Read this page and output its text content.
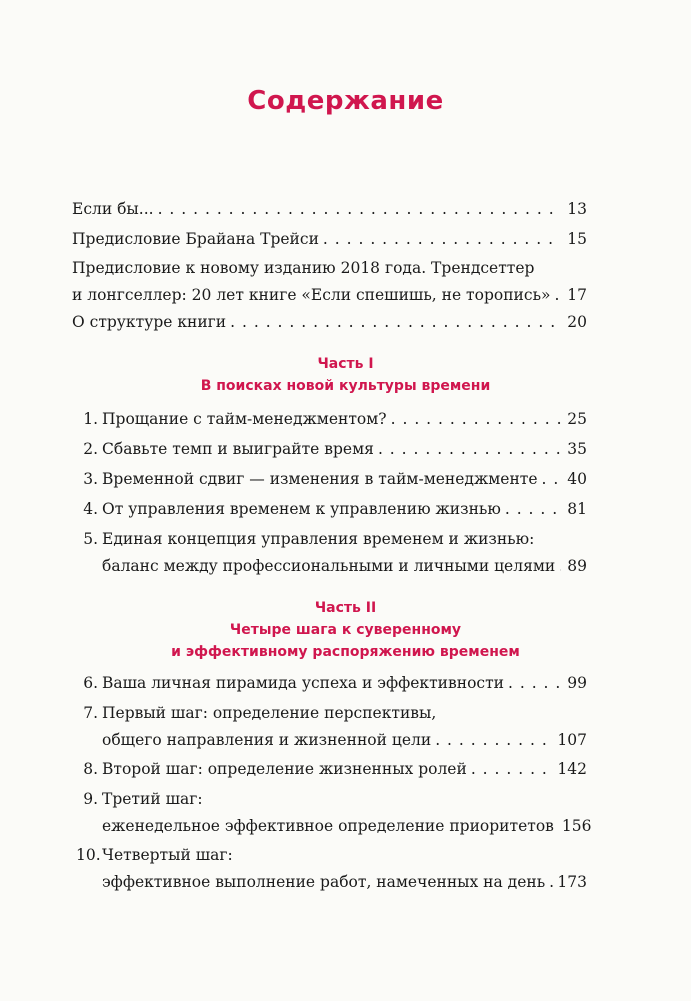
Содержание
Если бы... . . .	13
Предисловие Брайана Трейси . . .	15
Предисловие к новому изданию 2018 года. Трендсеттер
и лонгселлер: 20 лет книге «Если спешишь, не торопись» . . . 17
О структуре книги . . .	20
Часть I
В поисках новой культуры времени
1. Прощание с тайм-менеджментом? . . .	25
2. Сбавьте темп и выиграйте время . . .	35
3. Временной сдвиг — изменения в тайм-менеджменте . . . 40
4. От управления временем к управлению жизнью . . .	81
5. Единая концепция управления временем и жизнью:
баланс между профессиональными и личными целями . . . 89
Часть II
Четыре шага к суверенному
и эффективному распоряжению временем
6. Ваша личная пирамида успеха и эффективности . . .	99
7. Первый шаг: определение перспективы,
общего направления и жизненной цели . . .	107
8. Второй шаг: определение жизненных ролей . . .	142
9. Третий шаг:
еженедельное эффективное определение приоритетов 156
10. Четвертый шаг:
эффективное выполнение работ, намеченных на день . . . 173
